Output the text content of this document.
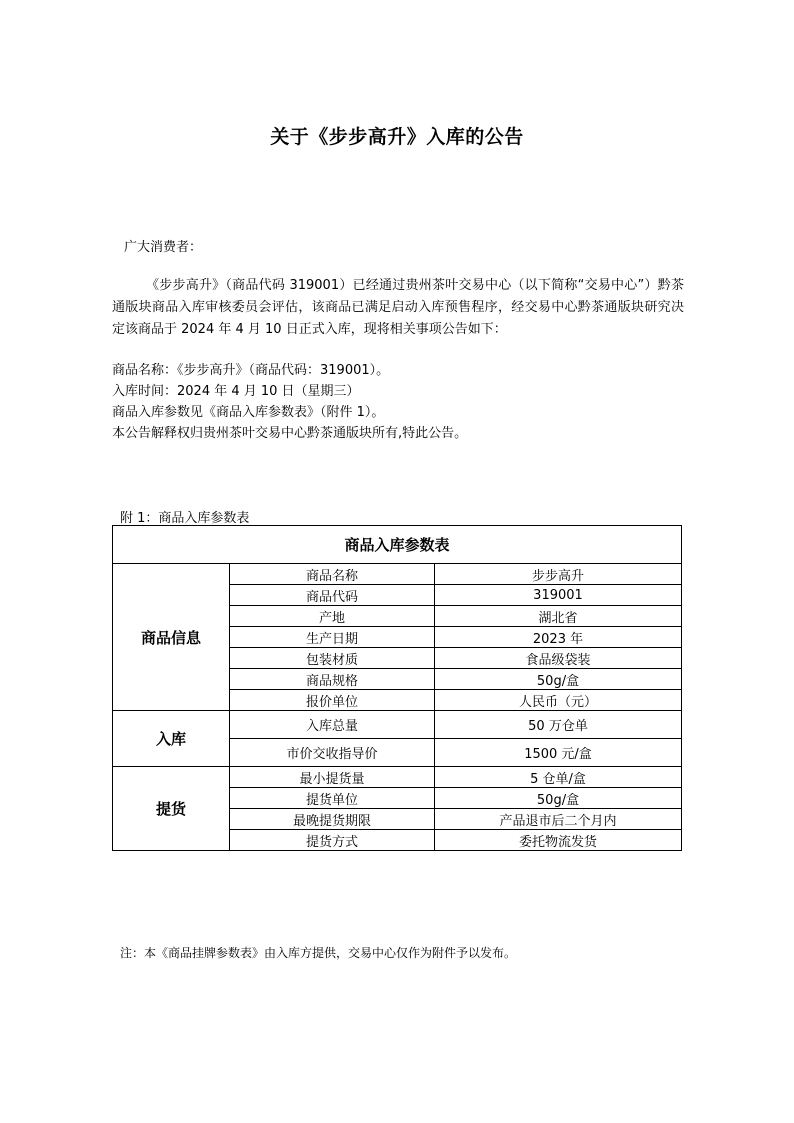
关于《步步高升》入库的公告
广大消费者：
《步步高升》（商品代码 319001）已经通过贵州茶叶交易中心（以下简称“交易中心”）黔茶通版块商品入库审核委员会评估，该商品已满足启动入库预售程序，经交易中心黔茶通版块研究决定该商品于 2024 年 4 月 10 日正式入库，现将相关事项公告如下：
商品名称：《步步高升》（商品代码：319001）。
入库时间：2024 年 4 月 10 日（星期三）
商品入库参数见《商品入库参数表》（附件 1）。
本公告解释权归贵州茶叶交易中心黔茶通版块所有,特此公告。
附 1：商品入库参数表
商品入库参数表		
商品信息	商品名称	步步高升
	商品代码	319001
	产地	湖北省
	生产日期	2023 年
	包装材质	食品级袋装
	商品规格	50g/盒
	报价单位	人民币（元）
入库	入库总量	50 万仓单
	市价交收指导价	1500 元/盒
提货	最小提货量	5 仓单/盒
	提货单位	50g/盒
	最晚提货期限	产品退市后二个月内
	提货方式	委托物流发货
注：本《商品挂牌参数表》由入库方提供，交易中心仅作为附件予以发布。
